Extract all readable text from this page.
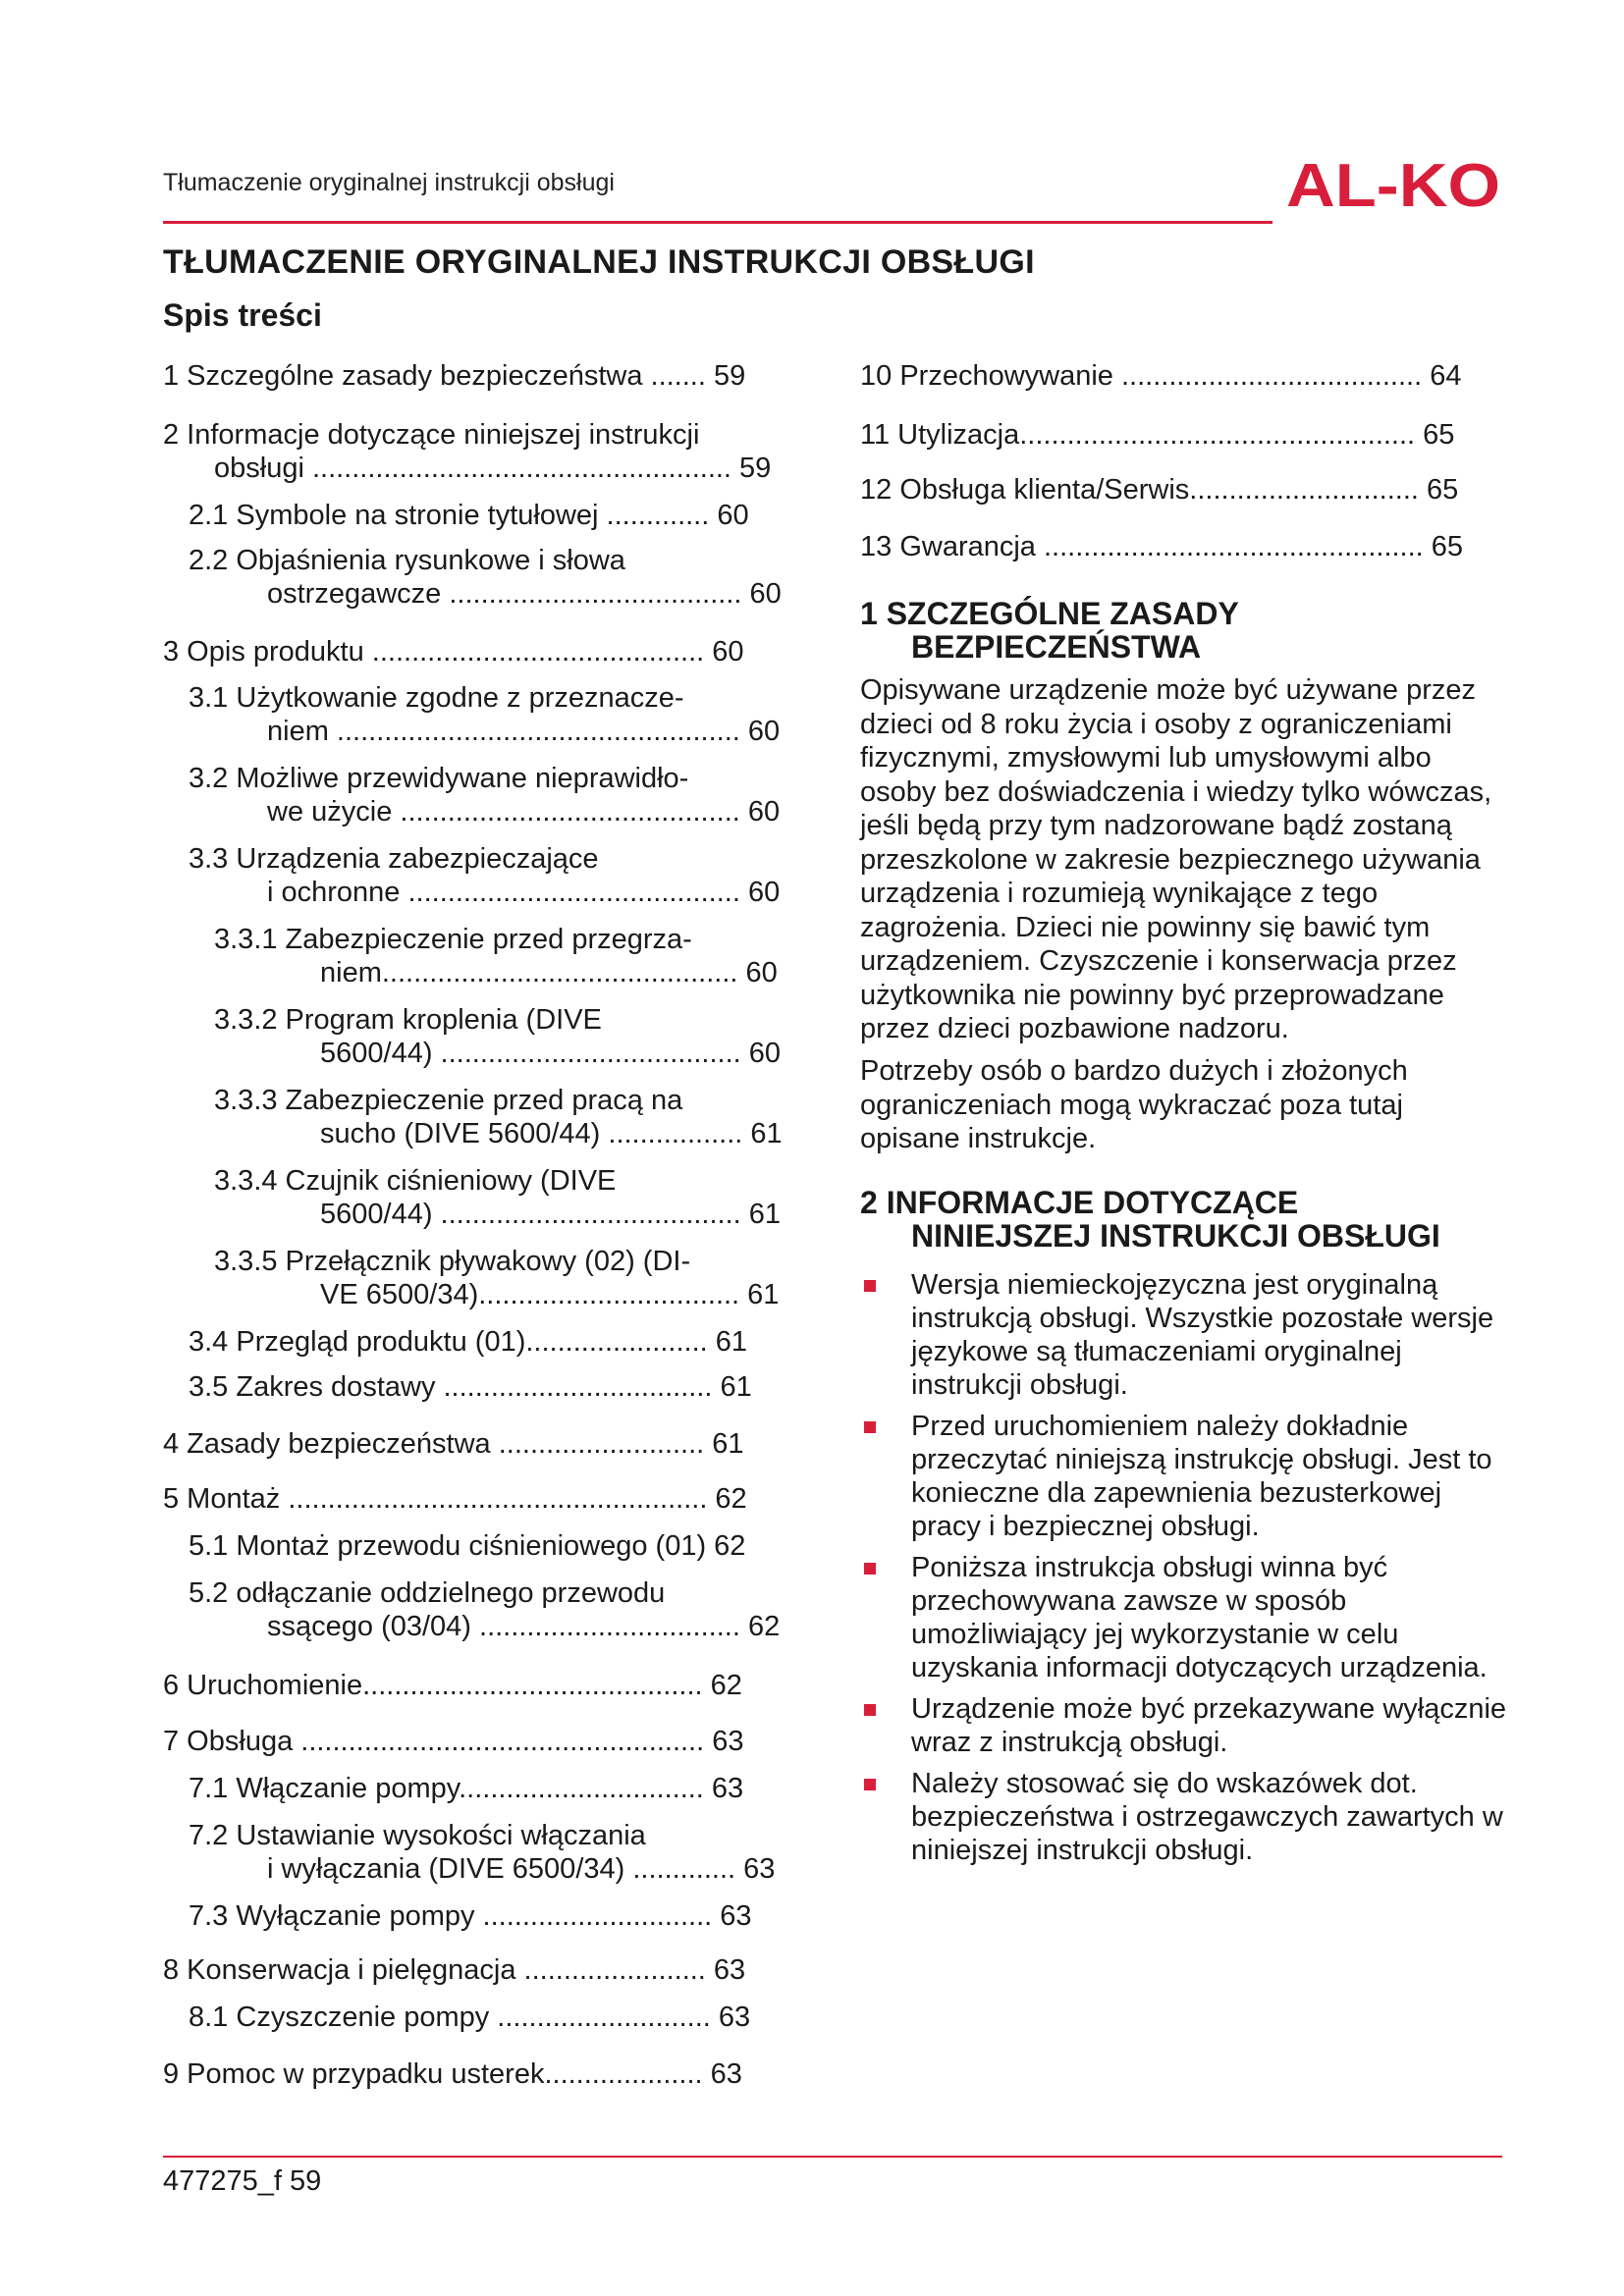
Tłumaczenie oryginalnej instrukcji obsługi	AL-KO
TŁUMACZENIE ORYGINALNEJ INSTRUKCJI OBSŁUGI
Spis treści
1 Szczególne zasady bezpieczeństwa ....... 59
2 Informacje dotyczące niniejszej instrukcji
obsługi ..................................................... 59
2.1 Symbole na stronie tytułowej ............. 60
2.2 Objaśnienia rysunkowe i słowa
ostrzegawcze ..................................... 60
3 Opis produktu .......................................... 60
3.1 Użytkowanie zgodne z przeznacze-
niem ................................................... 60
3.2 Możliwe przewidywane nieprawidło-
we użycie ........................................... 60
3.3 Urządzenia zabezpieczające
i ochronne .......................................... 60
3.3.1 Zabezpieczenie przed przegrza-
niem............................................. 60
3.3.2 Program kroplenia (DIVE
5600/44) ...................................... 60
3.3.3 Zabezpieczenie przed pracą na
sucho (DIVE 5600/44) ................. 61
3.3.4 Czujnik ciśnieniowy (DIVE
5600/44) ...................................... 61
3.3.5 Przełącznik pływakowy (02) (DI-
VE 6500/34)................................. 61
3.4 Przegląd produktu (01)....................... 61
3.5 Zakres dostawy .................................. 61
4 Zasady bezpieczeństwa .......................... 61
5 Montaż ..................................................... 62
5.1 Montaż przewodu ciśnieniowego (01) 62
5.2 odłączanie oddzielnego przewodu
ssącego (03/04) ................................. 62
6 Uruchomienie........................................... 62
7 Obsługa ................................................... 63
7.1 Włączanie pompy............................... 63
7.2 Ustawianie wysokości włączania
i wyłączania (DIVE 6500/34) ............. 63
7.3 Wyłączanie pompy ............................. 63
8 Konserwacja i pielęgnacja ....................... 63
8.1 Czyszczenie pompy ........................... 63
9 Pomoc w przypadku usterek.................... 63
10 Przechowywanie ...................................... 64
11 Utylizacja.................................................. 65
12 Obsługa klienta/Serwis............................. 65
13 Gwarancja ................................................ 65
1 SZCZEGÓLNE ZASADY
BEZPIECZEŃSTWA
Opisywane urządzenie może być używane przez dzieci od 8 roku życia i osoby z ograniczeniami fizycznymi, zmysłowymi lub umysłowymi albo osoby bez doświadczenia i wiedzy tylko wówczas, jeśli będą przy tym nadzorowane bądź zostaną przeszkolone w zakresie bezpiecznego używania urządzenia i rozumieją wynikające z tego zagrożenia. Dzieci nie powinny się bawić tym urządzeniem. Czyszczenie i konserwacja przez użytkownika nie powinny być przeprowadzane przez dzieci pozbawione nadzoru.
Potrzeby osób o bardzo dużych i złożonych ograniczeniach mogą wykraczać poza tutaj opisane instrukcje.
2 INFORMACJE DOTYCZĄCE
NINIEJSZEJ INSTRUKCJI OBSŁUGI
Wersja niemieckojęzyczna jest oryginalną instrukcją obsługi. Wszystkie pozostałe wersje językowe są tłumaczeniami oryginalnej instrukcji obsługi.
Przed uruchomieniem należy dokładnie przeczytać niniejszą instrukcję obsługi. Jest to konieczne dla zapewnienia bezusterkowej pracy i bezpiecznej obsługi.
Poniższa instrukcja obsługi winna być przechowywana zawsze w sposób umożliwiający jej wykorzystanie w celu uzyskania informacji dotyczących urządzenia.
Urządzenie może być przekazywane wyłącznie wraz z instrukcją obsługi.
Należy stosować się do wskazówek dot. bezpieczeństwa i ostrzegawczych zawartych w niniejszej instrukcji obsługi.
477275_f 59
